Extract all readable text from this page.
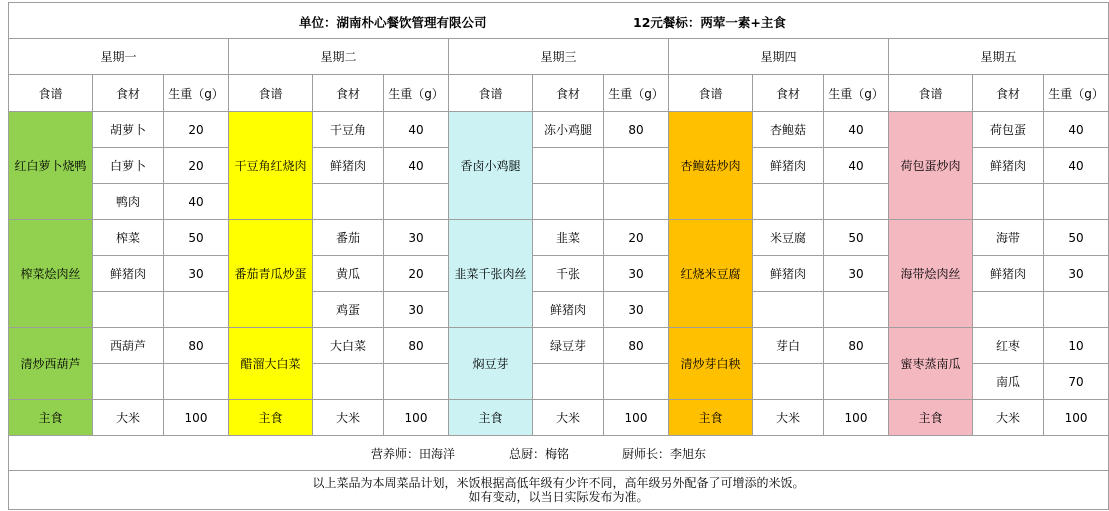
单位：湖南朴心餐饮管理有限公司 12元餐标：两荤一素+主食														

星期一			星期二			星期三			星期四			星期五		
食谱	食材	生重（g）	食谱	食材	生重（g）	食谱	食材	生重（g）	食谱	食材	生重（g）	食谱	食材	生重（g）
红白萝卜烧鸭	胡萝卜	20	干豆角红烧肉	干豆角	40	香卤小鸡腿	冻小鸡腿	80	杏鲍菇炒肉	杏鲍菇	40	荷包蛋炒肉	荷包蛋	40
	白萝卜	20		鲜猪肉	40					鲜猪肉	40		鲜猪肉	40
	鸭肉	40												
榨菜烩肉丝	榨菜	50	番茄青瓜炒蛋	番茄	30	韭菜千张肉丝	韭菜	20	红烧米豆腐	米豆腐	50	海带烩肉丝	海带	50
	鲜猪肉	30		黄瓜	20		千张	30		鲜猪肉	30		鲜猪肉	30
				鸡蛋	30		鲜猪肉	30						
清炒西葫芦	西葫芦	80	醋溜大白菜	大白菜	80	焖豆芽	绿豆芽	80	清炒芽白秧	芽白	80	蜜枣蒸南瓜	红枣	10
													南瓜	70
主食	大米	100	主食	大米	100	主食	大米	100	主食	大米	100	主食	大米	100

营养师：田海洋 总厨：梅铭 厨师长：李旭东														

以上菜品为本周菜品计划，米饭根据高低年级有少许不同，高年级另外配备了可增添的米饭。
如有变动，以当日实际发布为准。														
